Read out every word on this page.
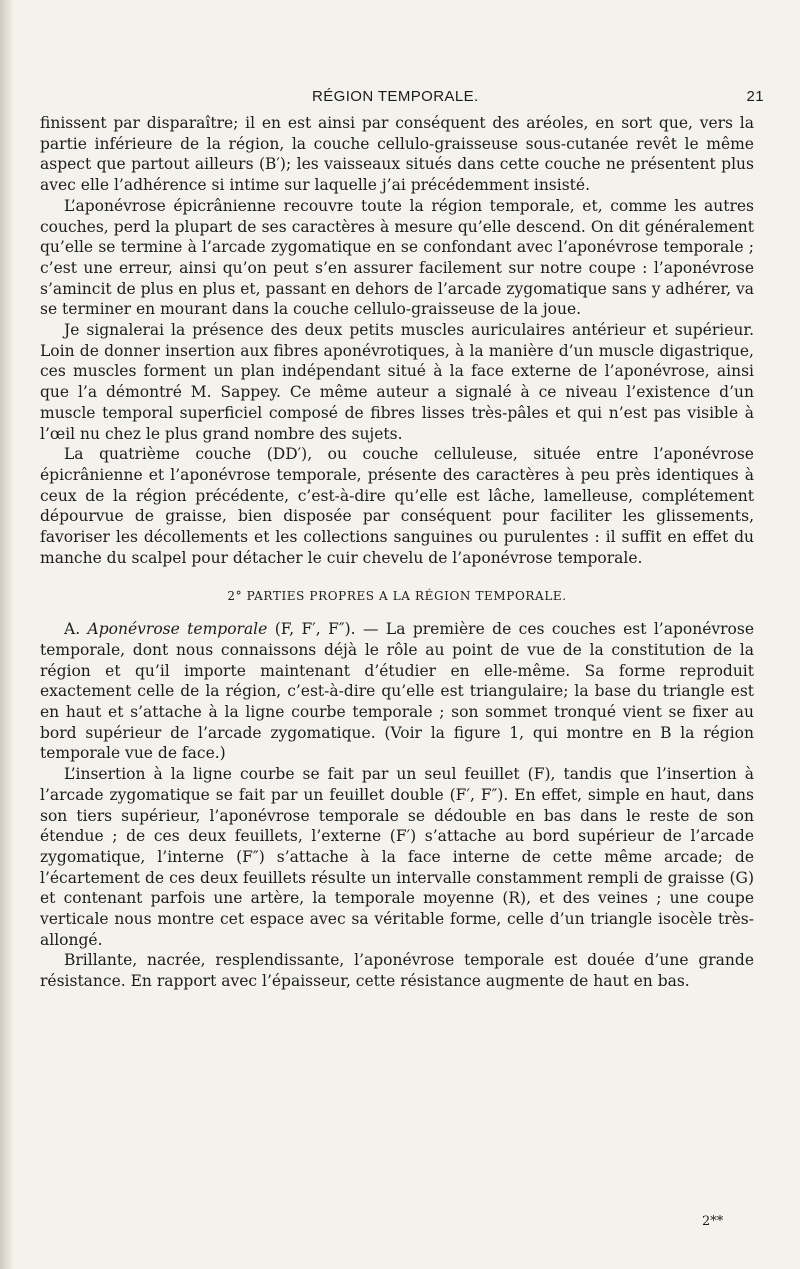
RÉGION TEMPORALE.	21

finissent par disparaître; il en est ainsi par conséquent des aréoles, en sort que, vers la partie inférieure de la région, la couche cellulo-graisseuse sous-cutanée revêt le même aspect que partout ailleurs (B′); les vaisseaux situés dans cette couche ne présentent plus avec elle l’adhérence si intime sur laquelle j’ai précédemment insisté.

L’aponévrose épicrânienne recouvre toute la région temporale, et, comme les autres couches, perd la plupart de ses caractères à mesure qu’elle descend. On dit généralement qu’elle se termine à l’arcade zygomatique en se confondant avec l’aponévrose temporale ; c’est une erreur, ainsi qu’on peut s’en assurer facilement sur notre coupe : l’aponévrose s’amincit de plus en plus et, passant en dehors de l’arcade zygomatique sans y adhérer, va se terminer en mourant dans la couche cellulo-graisseuse de la joue.

Je signalerai la présence des deux petits muscles auriculaires antérieur et supérieur. Loin de donner insertion aux fibres aponévrotiques, à la manière d’un muscle digastrique, ces muscles forment un plan indépendant situé à la face externe de l’aponévrose, ainsi que l’a démontré M. Sappey. Ce même auteur a signalé à ce niveau l’existence d’un muscle temporal superficiel composé de fibres lisses très-pâles et qui n’est pas visible à l’œil nu chez le plus grand nombre des sujets.

La quatrième couche (DD′), ou couche celluleuse, située entre l’aponévrose épicrânienne et l’aponévrose temporale, présente des caractères à peu près identiques à ceux de la région précédente, c’est-à-dire qu’elle est lâche, lamelleuse, complétement dépourvue de graisse, bien disposée par conséquent pour faciliter les glissements, favoriser les décollements et les collections sanguines ou purulentes : il suffit en effet du manche du scalpel pour détacher le cuir chevelu de l’aponévrose temporale.

2° PARTIES PROPRES A LA RÉGION TEMPORALE.

A. Aponévrose temporale (F, F′, F″). — La première de ces couches est l’aponévrose temporale, dont nous connaissons déjà le rôle au point de vue de la constitution de la région et qu’il importe maintenant d’étudier en elle-même. Sa forme reproduit exactement celle de la région, c’est-à-dire qu’elle est triangulaire; la base du triangle est en haut et s’attache à la ligne courbe temporale ; son sommet tronqué vient se fixer au bord supérieur de l’arcade zygomatique. (Voir la figure 1, qui montre en B la région temporale vue de face.)

L’insertion à la ligne courbe se fait par un seul feuillet (F), tandis que l’insertion à l’arcade zygomatique se fait par un feuillet double (F′, F″). En effet, simple en haut, dans son tiers supérieur, l’aponévrose temporale se dédouble en bas dans le reste de son étendue ; de ces deux feuillets, l’externe (F′) s’attache au bord supérieur de l’arcade zygomatique, l’interne (F″) s’attache à la face interne de cette même arcade; de l’écartement de ces deux feuillets résulte un intervalle constamment rempli de graisse (G) et contenant parfois une artère, la temporale moyenne (R), et des veines ; une coupe verticale nous montre cet espace avec sa véritable forme, celle d’un triangle isocèle très-allongé.

Brillante, nacrée, resplendissante, l’aponévrose temporale est douée d’une grande résistance. En rapport avec l’épaisseur, cette résistance augmente de haut en bas.

2**
